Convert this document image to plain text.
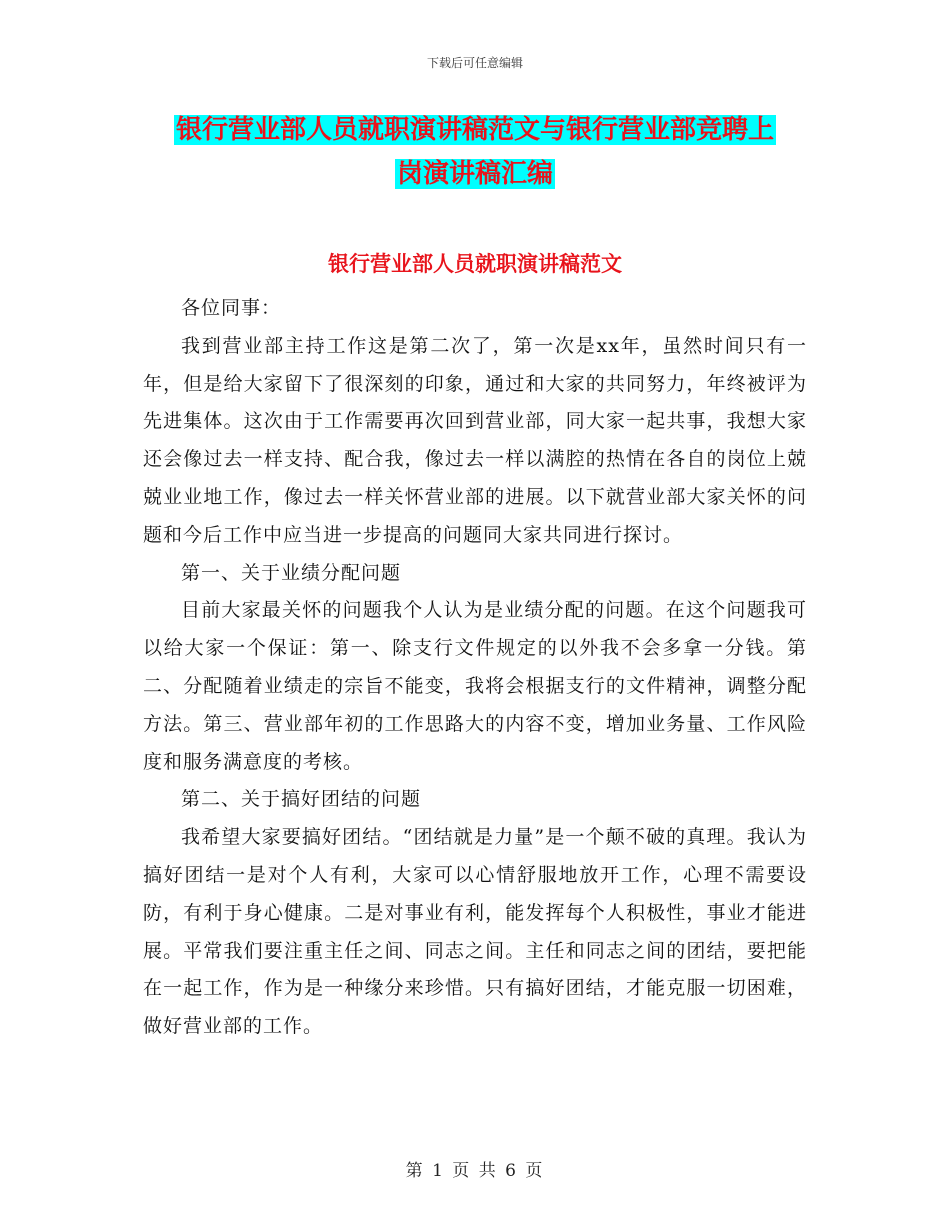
下载后可任意编辑
银行营业部人员就职演讲稿范文与银行营业部竞聘上
岗演讲稿汇编
银行营业部人员就职演讲稿范文

各位同事：

我到营业部主持工作这是第二次了，第一次是xx年，虽然时间只有一年，但是给大家留下了很深刻的印象，通过和大家的共同努力，年终被评为先进集体。这次由于工作需要再次回到营业部，同大家一起共事，我想大家还会像过去一样支持、配合我，像过去一样以满腔的热情在各自的岗位上兢兢业业地工作，像过去一样关怀营业部的进展。以下就营业部大家关怀的问题和今后工作中应当进一步提高的问题同大家共同进行探讨。

第一、关于业绩分配问题

目前大家最关怀的问题我个人认为是业绩分配的问题。在这个问题我可以给大家一个保证：第一、除支行文件规定的以外我不会多拿一分钱。第二、分配随着业绩走的宗旨不能变，我将会根据支行的文件精神，调整分配方法。第三、营业部年初的工作思路大的内容不变，增加业务量、工作风险度和服务满意度的考核。

第二、关于搞好团结的问题

我希望大家要搞好团结。“团结就是力量”是一个颠不破的真理。我认为搞好团结一是对个人有利，大家可以心情舒服地放开工作，心理不需要设防，有利于身心健康。二是对事业有利，能发挥每个人积极性，事业才能进展。平常我们要注重主任之间、同志之间。主任和同志之间的团结，要把能在一起工作，作为是一种缘分来珍惜。只有搞好团结，才能克服一切困难，做好营业部的工作。

第 1 页 共 6 页
